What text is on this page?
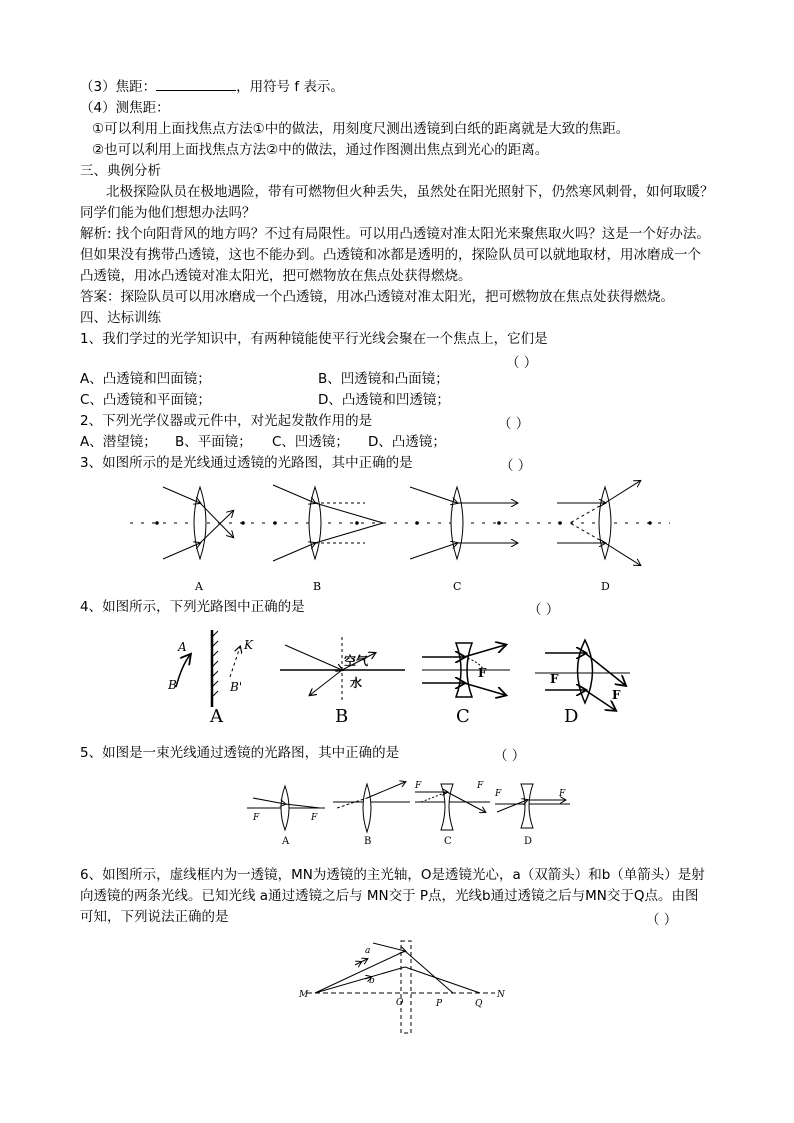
（3）焦距：	，用符号 f 表示。
（4）测焦距：
①可以利用上面找焦点方法①中的做法，用刻度尺测出透镜到白纸的距离就是大致的焦距。
②也可以利用上面找焦点方法②中的做法，通过作图测出焦点到光心的距离。
三、典例分析
北极探险队员在极地遇险，带有可燃物但火种丢失，虽然处在阳光照射下，仍然寒风刺骨，如何取暖？
同学们能为他们想想办法吗？
解析: 找个向阳背风的地方吗？不过有局限性。可以用凸透镜对准太阳光来聚焦取火吗？这是一个好办法。
但如果没有携带凸透镜，这也不能办到。凸透镜和冰都是透明的，探险队员可以就地取材，用冰磨成一个
凸透镜，用冰凸透镜对准太阳光，把可燃物放在焦点处获得燃烧。
答案：探险队员可以用冰磨成一个凸透镜，用冰凸透镜对准太阳光，把可燃物放在焦点处获得燃烧。
四、达标训练
1、我们学过的光学知识中，有两种镜能使平行光线会聚在一个焦点上，它们是
（ ）
A、凸透镜和凹面镜；	B、凹透镜和凸面镜；
C、凸透镜和平面镜；	D、凸透镜和凹透镜；
2、下列光学仪器或元件中，对光起发散作用的是	（ ）
A、潜望镜； B、平面镜； C、凹透镜； D、凸透镜；
3、如图所示的是光线通过透镜的光路图，其中正确的是	（ ）
A	B	C	D
4、如图所示，下列光路图中正确的是	（ ）
A
B
K
B'
A
空气
水
B
F
C
F
F
D
5、如图是一束光线通过透镜的光路图，其中正确的是	（ ）
F	F
A	B
F	F
C
F	F
D
6、如图所示，虚线框内为一透镜，MN为透镜的主光轴，O是透镜光心，a（双箭头）和b（单箭头）是射
向透镜的两条光线。已知光线 a通过透镜之后与 MN交于 P点，光线b通过透镜之后与MN交于Q点。由图
可知，下列说法正确的是	（ ）
M	N
O	P	Q
a
b
